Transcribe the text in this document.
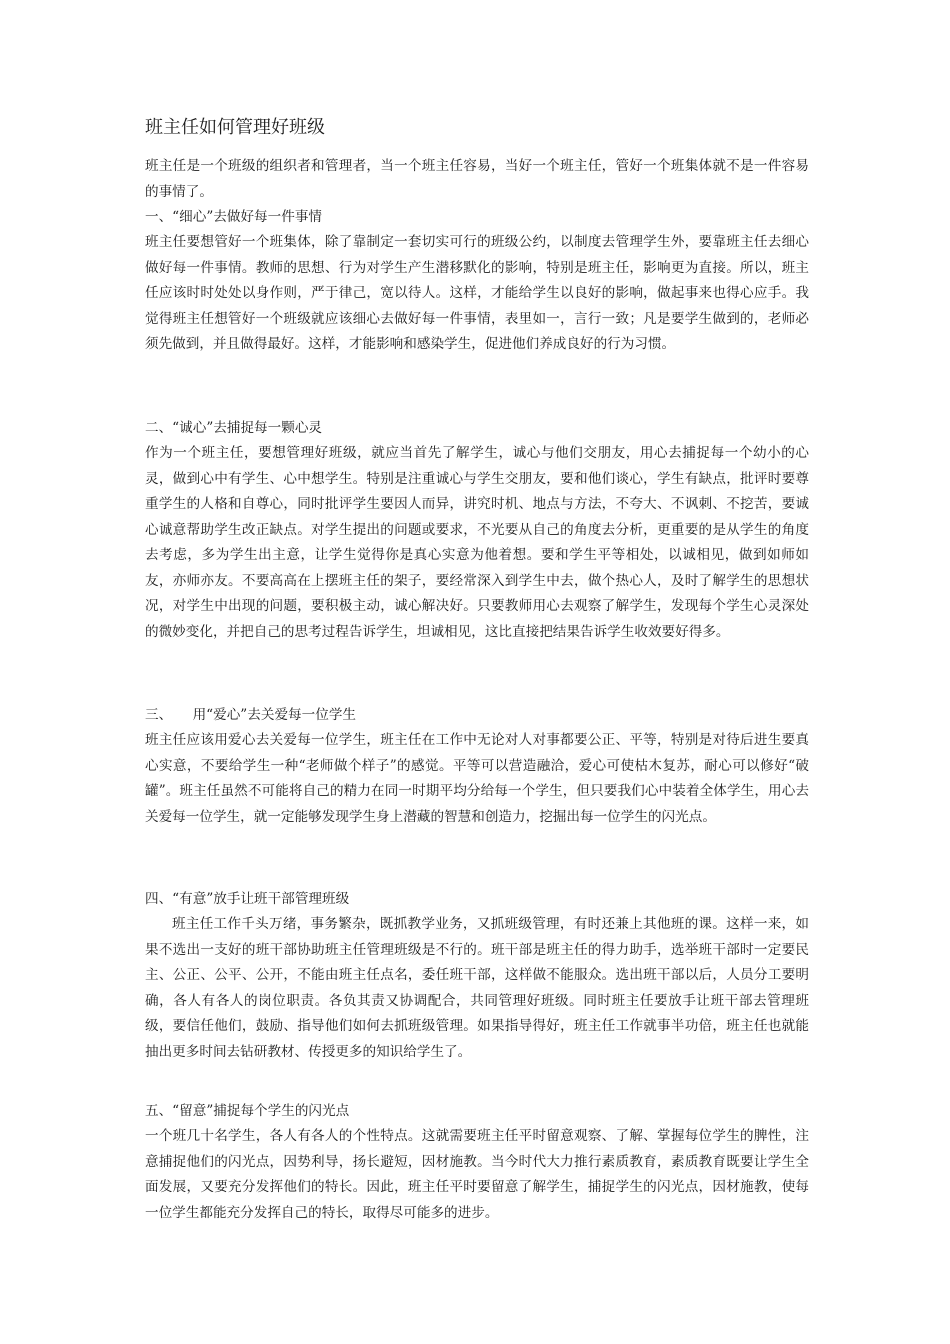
班主任如何管理好班级

班主任是一个班级的组织者和管理者，当一个班主任容易，当好一个班主任，管好一个班集体就不是一件容易的事情了。

一、“细心”去做好每一件事情

班主任要想管好一个班集体，除了靠制定一套切实可行的班级公约，以制度去管理学生外，要靠班主任去细心做好每一件事情。教师的思想、行为对学生产生潜移默化的影响，特别是班主任，影响更为直接。所以，班主任应该时时处处以身作则，严于律己，宽以待人。这样，才能给学生以良好的影响，做起事来也得心应手。我觉得班主任想管好一个班级就应该细心去做好每一件事情，表里如一，言行一致；凡是要学生做到的，老师必须先做到，并且做得最好。这样，才能影响和感染学生，促进他们养成良好的行为习惯。

二、“诚心”去捕捉每一颗心灵

作为一个班主任，要想管理好班级，就应当首先了解学生，诚心与他们交朋友，用心去捕捉每一个幼小的心灵，做到心中有学生、心中想学生。特别是注重诚心与学生交朋友，要和他们谈心，学生有缺点，批评时要尊重学生的人格和自尊心，同时批评学生要因人而异，讲究时机、地点与方法，不夸大、不讽刺、不挖苦，要诚心诚意帮助学生改正缺点。对学生提出的问题或要求，不光要从自己的角度去分析，更重要的是从学生的角度去考虑，多为学生出主意，让学生觉得你是真心实意为他着想。要和学生平等相处，以诚相见，做到如师如友，亦师亦友。不要高高在上摆班主任的架子，要经常深入到学生中去，做个热心人，及时了解学生的思想状况，对学生中出现的问题，要积极主动，诚心解决好。只要教师用心去观察了解学生，发现每个学生心灵深处的微妙变化，并把自己的思考过程告诉学生，坦诚相见，这比直接把结果告诉学生收效要好得多。

三、　　用“爱心”去关爱每一位学生

班主任应该用爱心去关爱每一位学生，班主任在工作中无论对人对事都要公正、平等，特别是对待后进生要真心实意，不要给学生一种“老师做个样子”的感觉。平等可以营造融洽，爱心可使枯木复苏，耐心可以修好“破罐”。班主任虽然不可能将自己的精力在同一时期平均分给每一个学生，但只要我们心中装着全体学生，用心去关爱每一位学生，就一定能够发现学生身上潜藏的智慧和创造力，挖掘出每一位学生的闪光点。

四、“有意”放手让班干部管理班级

班主任工作千头万绪，事务繁杂，既抓教学业务，又抓班级管理，有时还兼上其他班的课。这样一来，如果不选出一支好的班干部协助班主任管理班级是不行的。班干部是班主任的得力助手，选举班干部时一定要民主、公正、公平、公开，不能由班主任点名，委任班干部，这样做不能服众。选出班干部以后，人员分工要明确，各人有各人的岗位职责。各负其责又协调配合，共同管理好班级。同时班主任要放手让班干部去管理班级，要信任他们，鼓励、指导他们如何去抓班级管理。如果指导得好，班主任工作就事半功倍，班主任也就能抽出更多时间去钻研教材、传授更多的知识给学生了。

五、“留意”捕捉每个学生的闪光点

一个班几十名学生，各人有各人的个性特点。这就需要班主任平时留意观察、了解、掌握每位学生的脾性，注意捕捉他们的闪光点，因势利导，扬长避短，因材施教。当今时代大力推行素质教育，素质教育既要让学生全面发展，又要充分发挥他们的特长。因此，班主任平时要留意了解学生，捕捉学生的闪光点，因材施教，使每一位学生都能充分发挥自己的特长，取得尽可能多的进步。
